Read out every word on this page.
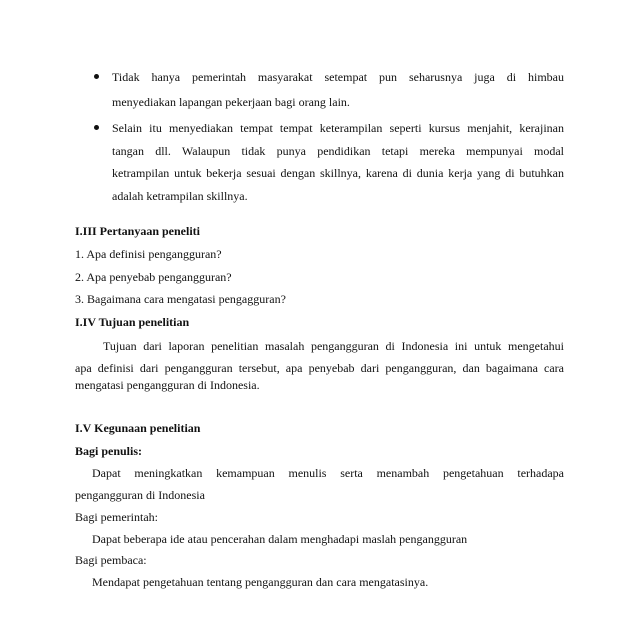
Tidak hanya pemerintah masyarakat setempat pun seharusnya juga di himbau
menyediakan lapangan pekerjaan bagi orang lain.
Selain itu menyediakan tempat tempat keterampilan seperti kursus menjahit, kerajinan
tangan dll. Walaupun tidak punya pendidikan tetapi mereka mempunyai modal
ketrampilan untuk bekerja sesuai dengan skillnya, karena di dunia kerja yang di butuhkan
adalah ketrampilan skillnya.
I.III Pertanyaan peneliti
1. Apa definisi pengangguran?
2. Apa penyebab pengangguran?
3. Bagaimana cara mengatasi pengagguran?
I.IV Tujuan penelitian
Tujuan dari laporan penelitian masalah pengangguran di Indonesia ini untuk mengetahui
apa definisi dari pengangguran tersebut, apa penyebab dari pengangguran, dan bagaimana cara
mengatasi pengangguran di Indonesia.
I.V Kegunaan penelitian
Bagi penulis:
Dapat meningkatkan kemampuan menulis serta menambah pengetahuan terhadapa
pengangguran di Indonesia
Bagi pemerintah:
Dapat beberapa ide atau pencerahan dalam menghadapi maslah pengangguran
Bagi pembaca:
Mendapat pengetahuan tentang pengangguran dan cara mengatasinya.
